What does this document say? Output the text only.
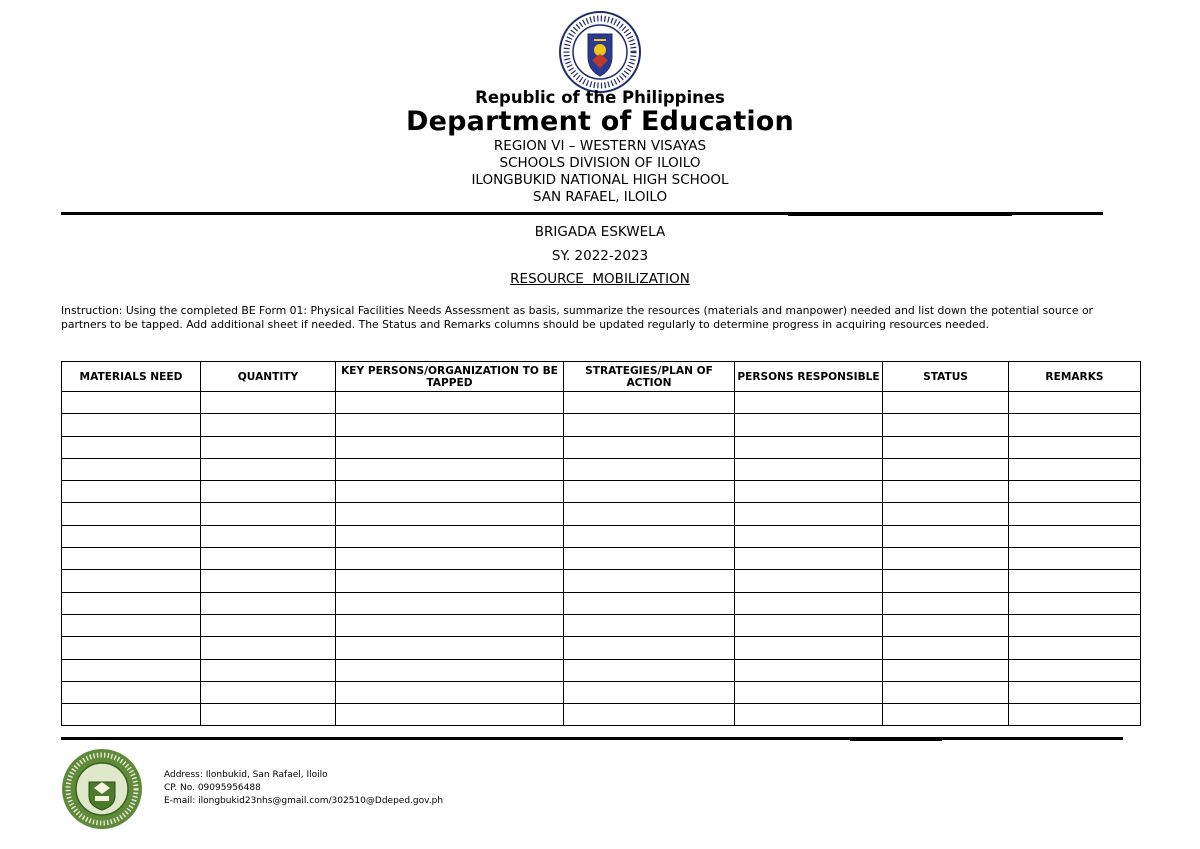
Republic of the Philippines
Department of Education
REGION VI – WESTERN VISAYAS
SCHOOLS DIVISION OF ILOILO
ILONGBUKID NATIONAL HIGH SCHOOL
SAN RAFAEL, ILOILO
BRIGADA ESKWELA
SY. 2022-2023
RESOURCE  MOBILIZATION
Instruction: Using the completed BE Form 01: Physical Facilities Needs Assessment as basis, summarize the resources (materials and manpower) needed and list down the potential source or partners to be tapped. Add additional sheet if needed. The Status and Remarks columns should be updated regularly to determine progress in acquiring resources needed.
MATERIALS NEED	QUANTITY	KEY PERSONS/ORGANIZATION TO BE TAPPED	STRATEGIES/PLAN OF ACTION	PERSONS RESPONSIBLE	STATUS	REMARKS

Address: Ilonbukid, San Rafael, Iloilo
CP. No. 09095956488
E-mail: ilongbukid23nhs@gmail.com/302510@Ddeped.gov.ph
